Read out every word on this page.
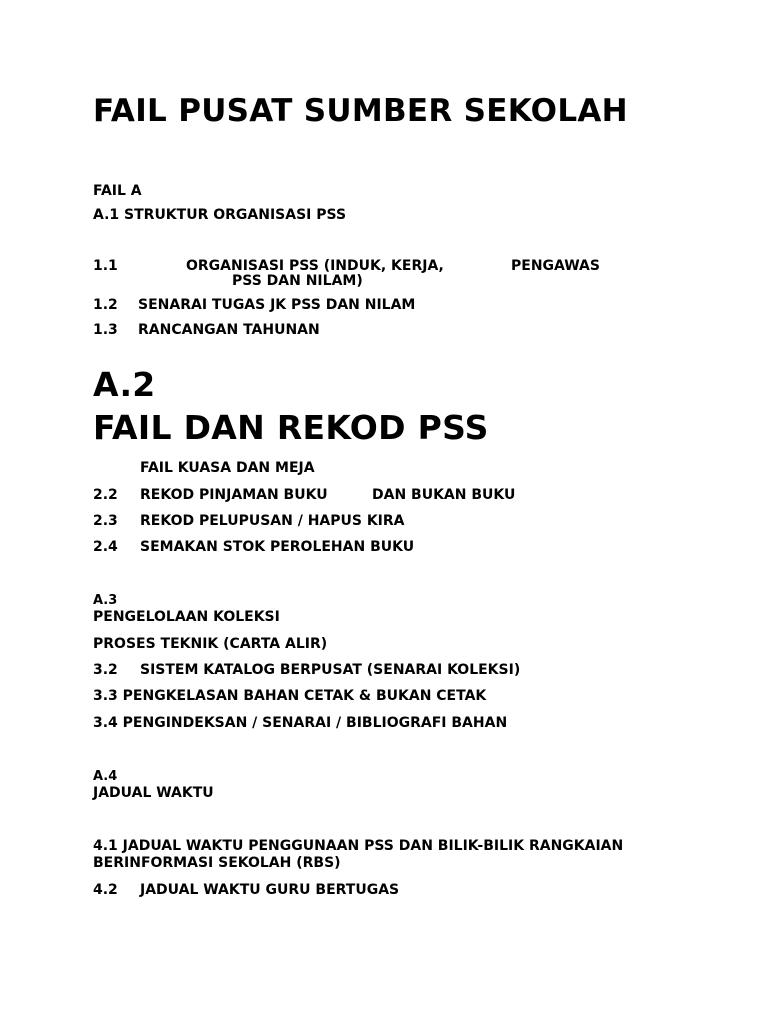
FAIL PUSAT SUMBER SEKOLAH
FAIL A
A.1 STRUKTUR ORGANISASI PSS
1.1	ORGANISASI PSS (INDUK, KERJA,	PENGAWAS
PSS DAN NILAM)
1.2 SENARAI TUGAS JK PSS DAN NILAM
1.3 RANCANGAN TAHUNAN
A.2
FAIL DAN REKOD PSS
FAIL KUASA DAN MEJA
2.2 REKOD PINJAMAN BUKU	DAN BUKAN BUKU
2.3 REKOD PELUPUSAN / HAPUS KIRA
2.4 SEMAKAN STOK PEROLEHAN BUKU
A.3
PENGELOLAAN KOLEKSI
PROSES TEKNIK (CARTA ALIR)
3.2 SISTEM KATALOG BERPUSAT (SENARAI KOLEKSI)
3.3 PENGKELASAN BAHAN CETAK & BUKAN CETAK
3.4 PENGINDEKSAN / SENARAI / BIBLIOGRAFI BAHAN
A.4
JADUAL WAKTU
4.1 JADUAL WAKTU PENGGUNAAN PSS DAN BILIK-BILIK RANGKAIAN
BERINFORMASI SEKOLAH (RBS)
4.2 JADUAL WAKTU GURU BERTUGAS
